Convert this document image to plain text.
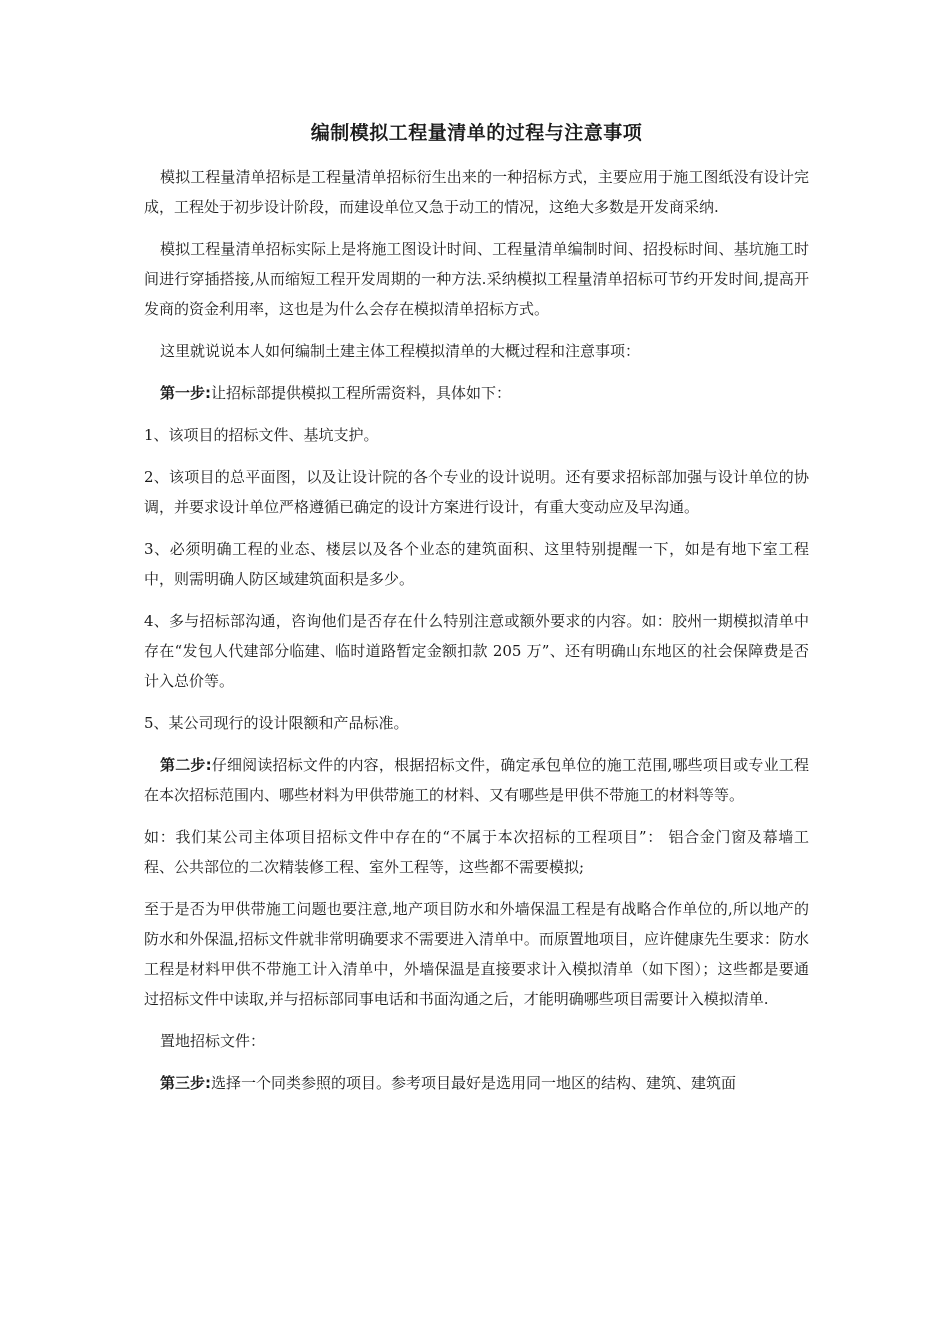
编制模拟工程量清单的过程与注意事项

模拟工程量清单招标是工程量清单招标衍生出来的一种招标方式，主要应用于施工图纸没有设计完成，工程处于初步设计阶段，而建设单位又急于动工的情况，这绝大多数是开发商采纳.

模拟工程量清单招标实际上是将施工图设计时间、工程量清单编制时间、招投标时间、基坑施工时间进行穿插搭接,从而缩短工程开发周期的一种方法.采纳模拟工程量清单招标可节约开发时间,提高开发商的资金利用率，这也是为什么会存在模拟清单招标方式。

这里就说说本人如何编制土建主体工程模拟清单的大概过程和注意事项：

第一步:让招标部提供模拟工程所需资料，具体如下：

1、该项目的招标文件、基坑支护。

2、该项目的总平面图，以及让设计院的各个专业的设计说明。还有要求招标部加强与设计单位的协调，并要求设计单位严格遵循已确定的设计方案进行设计，有重大变动应及早沟通。

3、必须明确工程的业态、楼层以及各个业态的建筑面积、这里特别提醒一下，如是有地下室工程中，则需明确人防区域建筑面积是多少。

4、多与招标部沟通，咨询他们是否存在什么特别注意或额外要求的内容。如：胶州一期模拟清单中存在“发包人代建部分临建、临时道路暂定金额扣款 205 万”、还有明确山东地区的社会保障费是否计入总价等。

5、某公司现行的设计限额和产品标准。

第二步:仔细阅读招标文件的内容，根据招标文件，确定承包单位的施工范围,哪些项目或专业工程在本次招标范围内、哪些材料为甲供带施工的材料、又有哪些是甲供不带施工的材料等等。

如：我们某公司主体项目招标文件中存在的“不属于本次招标的工程项目”： 铝合金门窗及幕墙工程、公共部位的二次精装修工程、室外工程等，这些都不需要模拟;

至于是否为甲供带施工问题也要注意,地产项目防水和外墙保温工程是有战略合作单位的,所以地产的防水和外保温,招标文件就非常明确要求不需要进入清单中。而原置地项目，应许健康先生要求：防水工程是材料甲供不带施工计入清单中，外墙保温是直接要求计入模拟清单（如下图）；这些都是要通过招标文件中读取,并与招标部同事电话和书面沟通之后，才能明确哪些项目需要计入模拟清单.

置地招标文件：

第三步:选择一个同类参照的项目。参考项目最好是选用同一地区的结构、建筑、建筑面
